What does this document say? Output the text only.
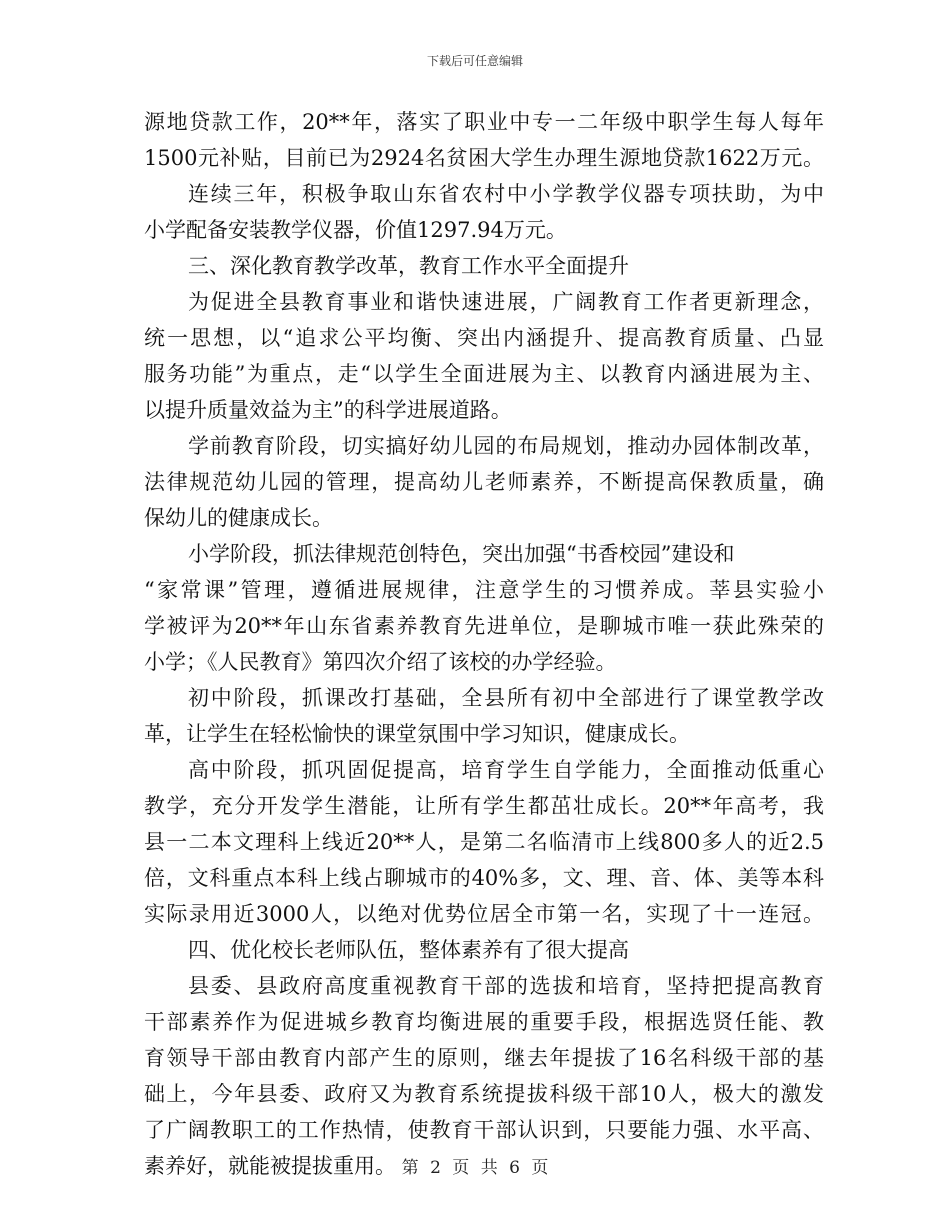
下载后可任意编辑
源地贷款工作，20**年，落实了职业中专一二年级中职学生每人每年
1500元补贴，目前已为2924名贫困大学生办理生源地贷款1622万元。
连续三年，积极争取山东省农村中小学教学仪器专项扶助，为中
小学配备安装教学仪器，价值1297.94万元。
三、深化教育教学改革，教育工作水平全面提升
为促进全县教育事业和谐快速进展，广阔教育工作者更新理念，
统一思想，以“追求公平均衡、突出内涵提升、提高教育质量、凸显
服务功能”为重点，走“以学生全面进展为主、以教育内涵进展为主、
以提升质量效益为主”的科学进展道路。
学前教育阶段，切实搞好幼儿园的布局规划，推动办园体制改革，
法律规范幼儿园的管理，提高幼儿老师素养，不断提高保教质量，确
保幼儿的健康成长。
小学阶段，抓法律规范创特色，突出加强“书香校园”建设和
“家常课”管理，遵循进展规律，注意学生的习惯养成。莘县实验小
学被评为20**年山东省素养教育先进单位，是聊城市唯一获此殊荣的
小学；《人民教育》第四次介绍了该校的办学经验。
初中阶段，抓课改打基础，全县所有初中全部进行了课堂教学改
革，让学生在轻松愉快的课堂氛围中学习知识，健康成长。
高中阶段，抓巩固促提高，培育学生自学能力，全面推动低重心
教学，充分开发学生潜能，让所有学生都茁壮成长。20**年高考，我
县一二本文理科上线近20**人，是第二名临清市上线800多人的近2.5
倍，文科重点本科上线占聊城市的40%多，文、理、音、体、美等本科
实际录用近3000人，以绝对优势位居全市第一名，实现了十一连冠。
四、优化校长老师队伍，整体素养有了很大提高
县委、县政府高度重视教育干部的选拔和培育，坚持把提高教育
干部素养作为促进城乡教育均衡进展的重要手段，根据选贤任能、教
育领导干部由教育内部产生的原则，继去年提拔了16名科级干部的基
础上，今年县委、政府又为教育系统提拔科级干部10人，极大的激发
了广阔教职工的工作热情，使教育干部认识到，只要能力强、水平高、
素养好，就能被提拔重用。 第 2 页 共 6 页
